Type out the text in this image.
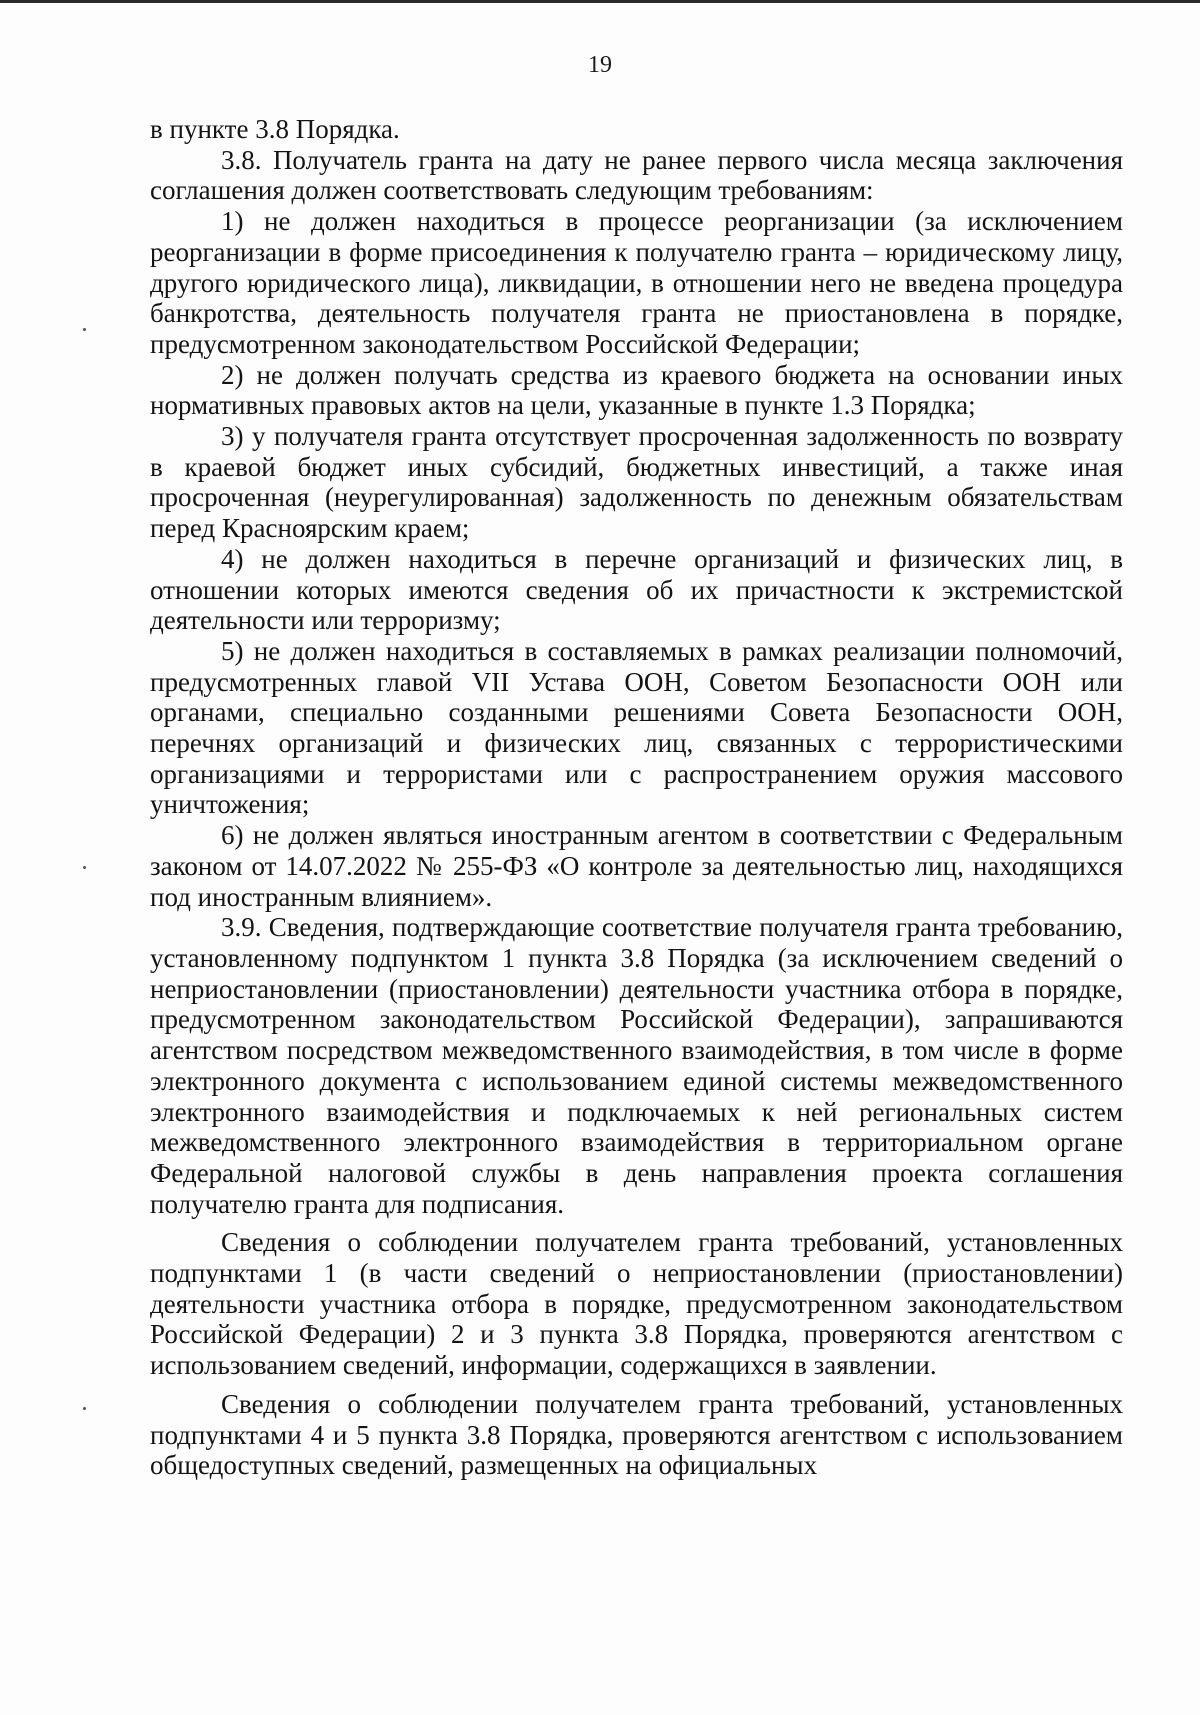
19

в пункте 3.8 Порядка.

3.8. Получатель гранта на дату не ранее первого числа месяца заключения соглашения должен соответствовать следующим требованиям:

1) не должен находиться в процессе реорганизации (за исключением реорганизации в форме присоединения к получателю гранта – юридическому лицу, другого юридического лица), ликвидации, в отношении него не введена процедура банкротства, деятельность получателя гранта не приостановлена в порядке, предусмотренном законодательством Российской Федерации;

2) не должен получать средства из краевого бюджета на основании иных нормативных правовых актов на цели, указанные в пункте 1.3 Порядка;

3) у получателя гранта отсутствует просроченная задолженность по возврату в краевой бюджет иных субсидий, бюджетных инвестиций, а также иная просроченная (неурегулированная) задолженность по денежным обязательствам перед Красноярским краем;

4) не должен находиться в перечне организаций и физических лиц, в отношении которых имеются сведения об их причастности к экстремистской деятельности или терроризму;

5) не должен находиться в составляемых в рамках реализации полномочий, предусмотренных главой VII Устава ООН, Советом Безопасности ООН или органами, специально созданными решениями Совета Безопасности ООН, перечнях организаций и физических лиц, связанных с террористическими организациями и террористами или с распространением оружия массового уничтожения;

6) не должен являться иностранным агентом в соответствии с Федеральным законом от 14.07.2022 № 255-ФЗ «О контроле за деятельностью лиц, находящихся под иностранным влиянием».

3.9. Сведения, подтверждающие соответствие получателя гранта требованию, установленному подпунктом 1 пункта 3.8 Порядка (за исключением сведений о неприостановлении (приостановлении) деятельности участника отбора в порядке, предусмотренном законодательством Российской Федерации), запрашиваются агентством посредством межведомственного взаимодействия, в том числе в форме электронного документа с использованием единой системы межведомственного электронного взаимодействия и подключаемых к ней региональных систем межведомственного электронного взаимодействия в территориальном органе Федеральной налоговой службы в день направления проекта соглашения получателю гранта для подписания.

Сведения о соблюдении получателем гранта требований, установленных подпунктами 1 (в части сведений о неприостановлении (приостановлении) деятельности участника отбора в порядке, предусмотренном законодательством Российской Федерации) 2 и 3 пункта 3.8 Порядка, проверяются агентством с использованием сведений, информации, содержащихся в заявлении.

Сведения о соблюдении получателем гранта требований, установленных подпунктами 4 и 5 пункта 3.8 Порядка, проверяются агентством с использованием общедоступных сведений, размещенных на официальных
